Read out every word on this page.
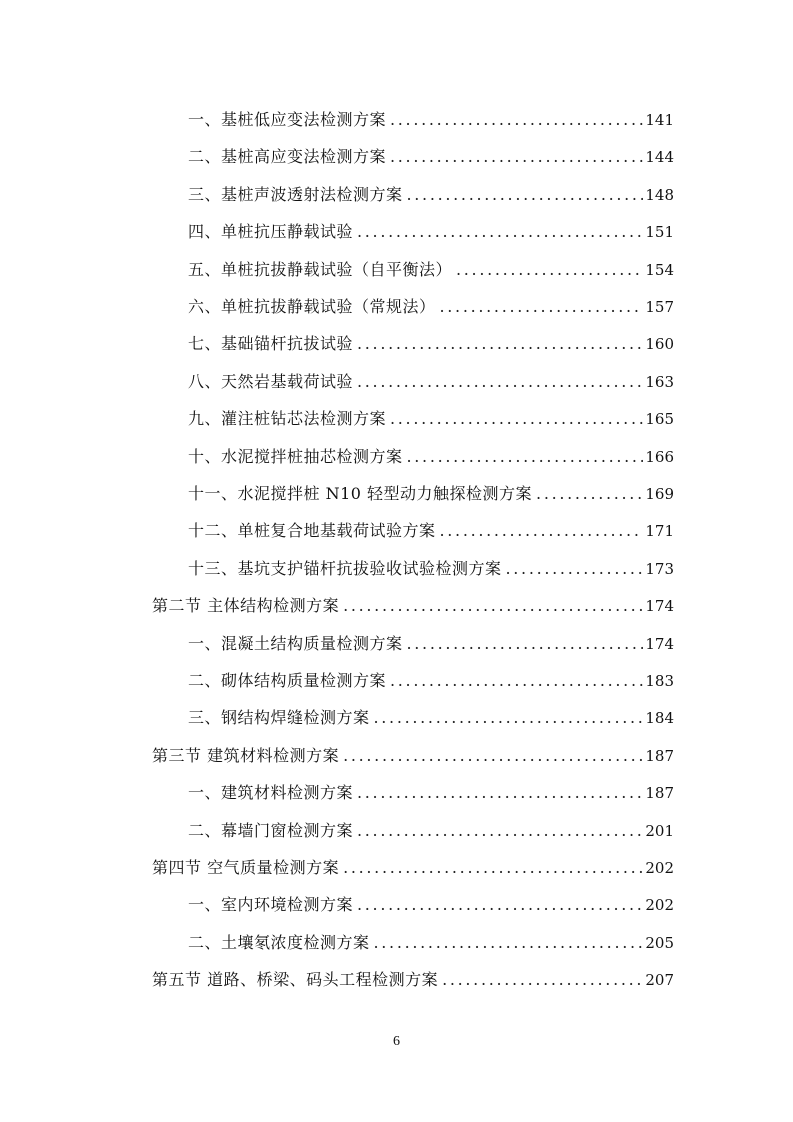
一、基桩低应变法检测方案 . . .	141
二、基桩高应变法检测方案 . . .	144
三、基桩声波透射法检测方案 . . .	148
四、单桩抗压静载试验 . . .	151
五、单桩抗拔静载试验（自平衡法） . . .	154
六、单桩抗拔静载试验（常规法） . . .	157
七、基础锚杆抗拔试验 . . .	160
八、天然岩基载荷试验 . . .	163
九、灌注桩钻芯法检测方案 . . .	165
十、水泥搅拌桩抽芯检测方案 . . .	166
十一、水泥搅拌桩 N10 轻型动力触探检测方案 . . .	169
十二、单桩复合地基载荷试验方案 . . .	171
十三、基坑支护锚杆抗拔验收试验检测方案 . . .	173
第二节 主体结构检测方案 . . .	174
一、混凝土结构质量检测方案 . . .	174
二、砌体结构质量检测方案 . . .	183
三、钢结构焊缝检测方案 . . .	184
第三节 建筑材料检测方案 . . .	187
一、建筑材料检测方案 . . .	187
二、幕墙门窗检测方案 . . .	201
第四节 空气质量检测方案 . . .	202
一、室内环境检测方案 . . .	202
二、土壤氡浓度检测方案 . . .	205
第五节 道路、桥梁、码头工程检测方案 . . .	207
6
